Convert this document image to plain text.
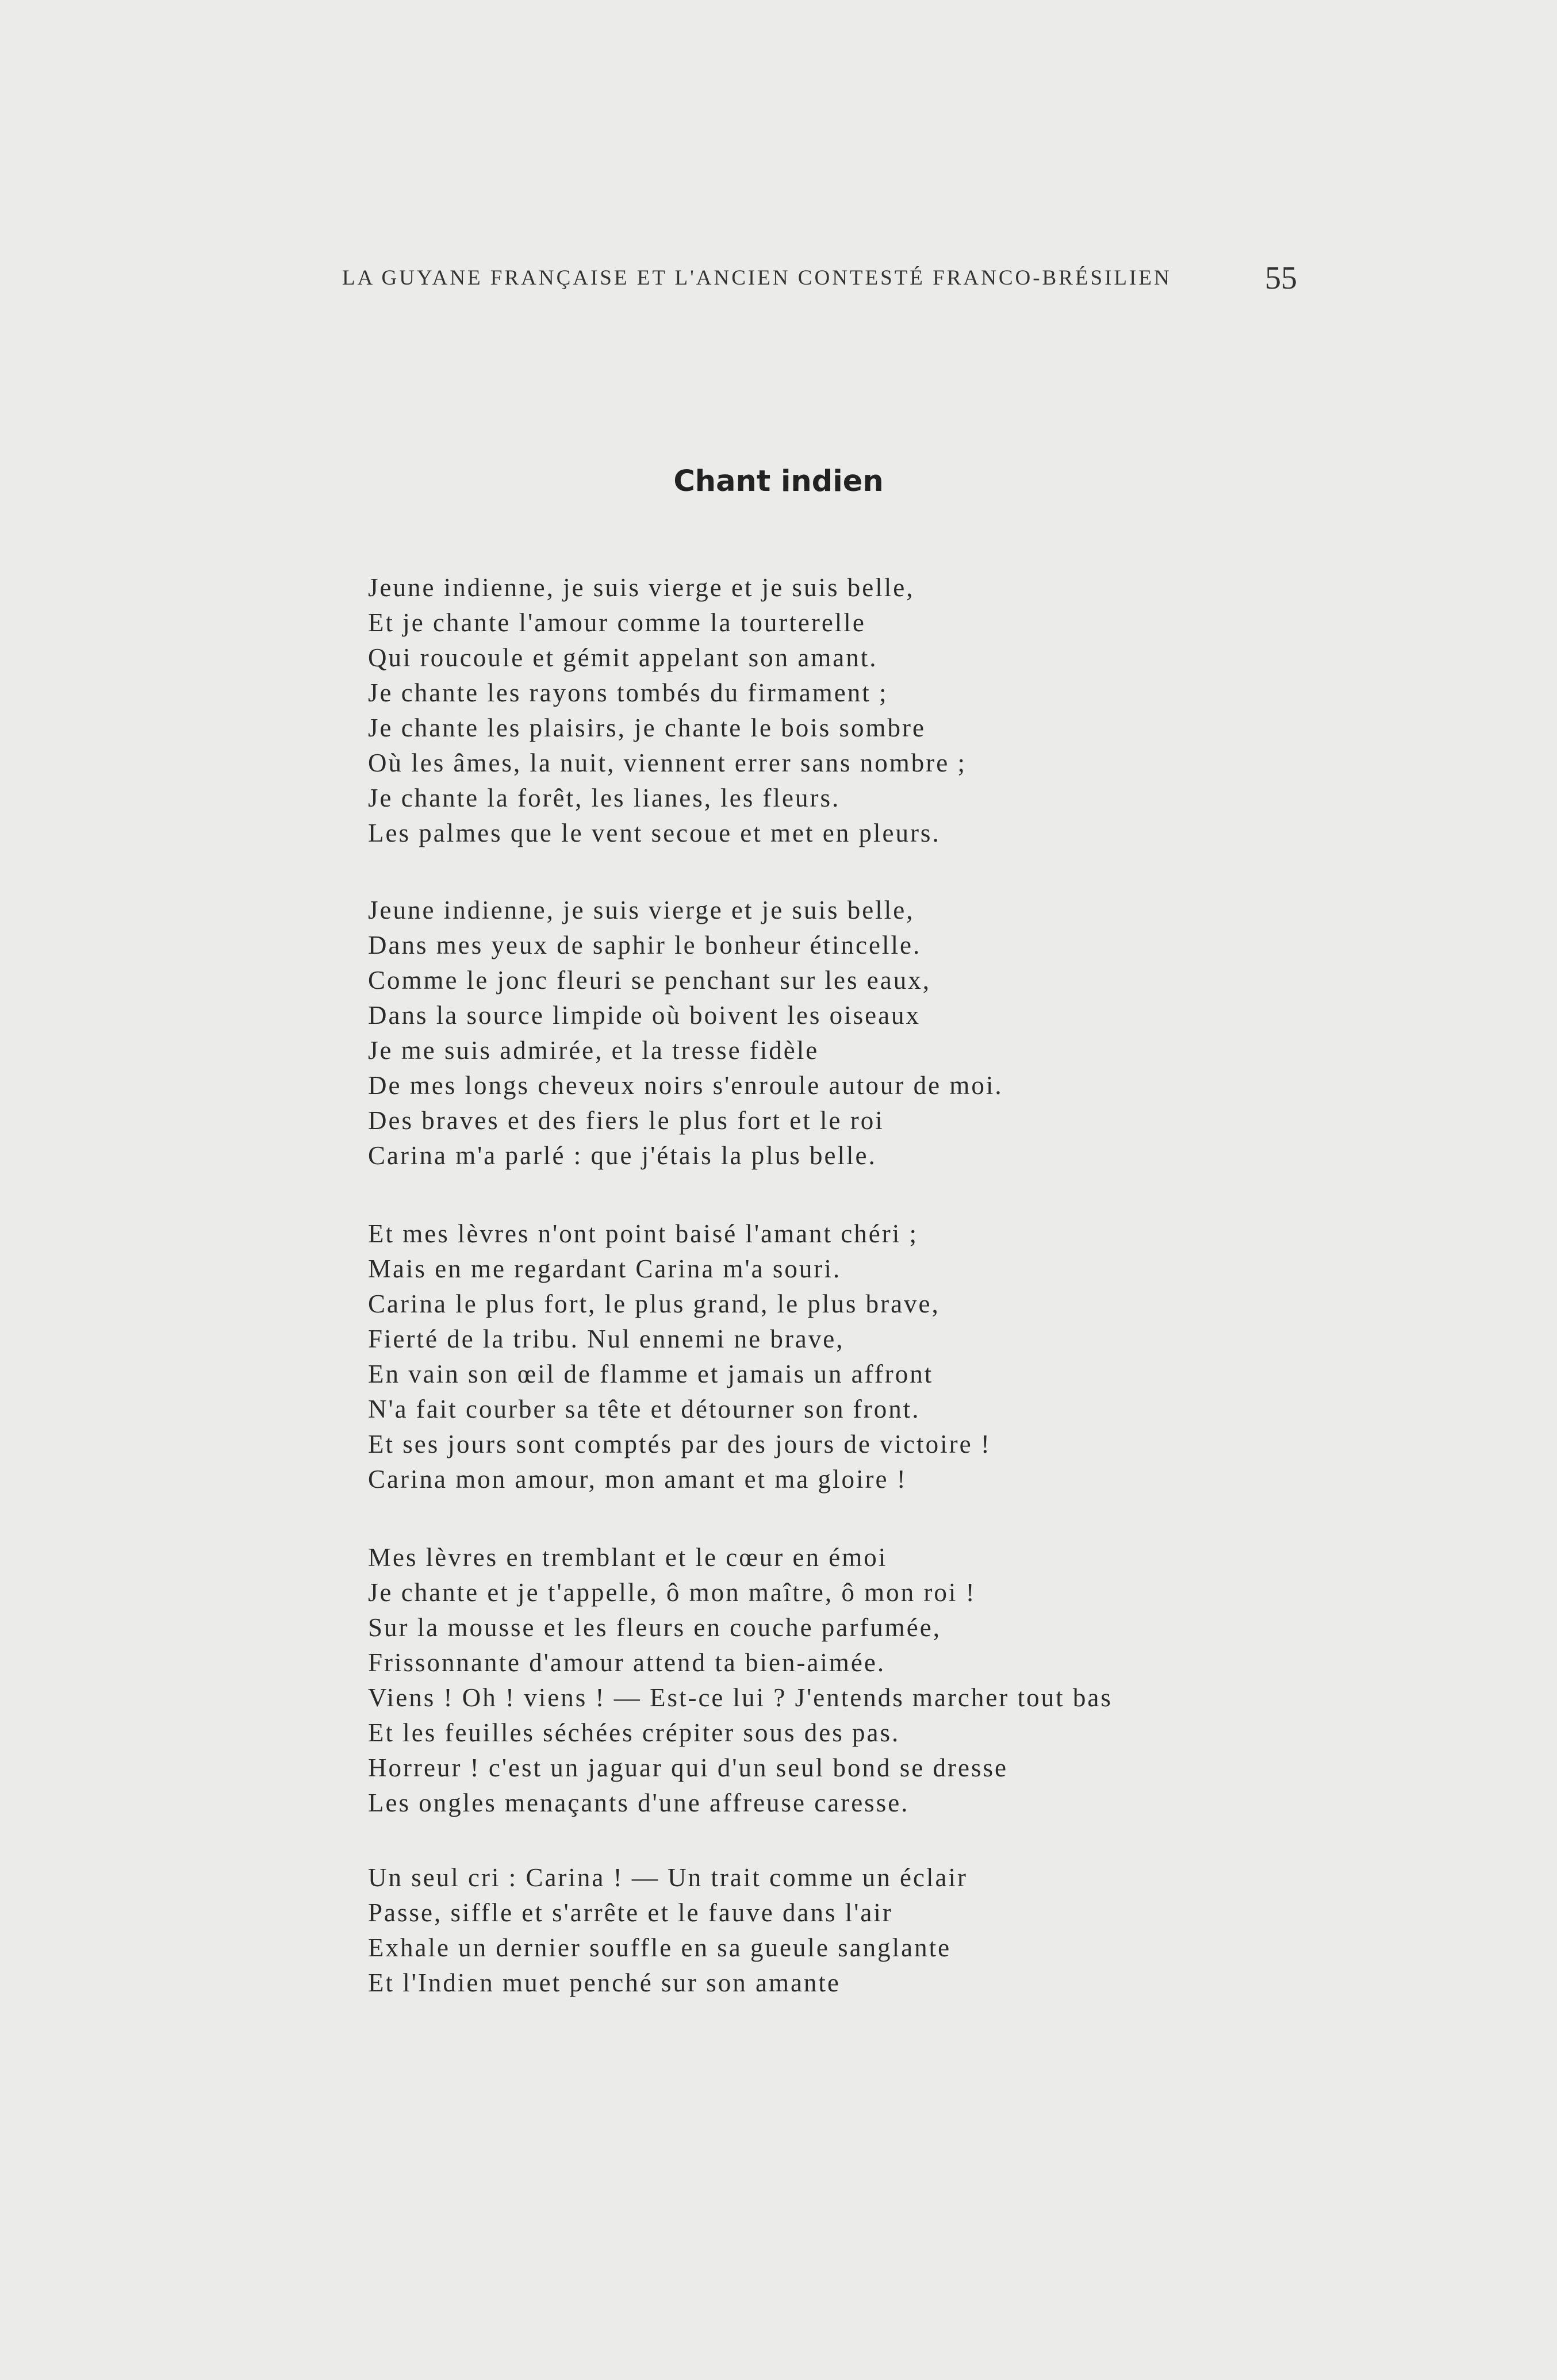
LA GUYANE FRANÇAISE ET L'ANCIEN CONTESTÉ FRANCO-BRÉSILIEN	55
Chant indien
Jeune indienne, je suis vierge et je suis belle,
Et je chante l'amour comme la tourterelle
Qui roucoule et gémit appelant son amant.
Je chante les rayons tombés du firmament ;
Je chante les plaisirs, je chante le bois sombre
Où les âmes, la nuit, viennent errer sans nombre ;
Je chante la forêt, les lianes, les fleurs.
Les palmes que le vent secoue et met en pleurs.
Jeune indienne, je suis vierge et je suis belle,
Dans mes yeux de saphir le bonheur étincelle.
Comme le jonc fleuri se penchant sur les eaux,
Dans la source limpide où boivent les oiseaux
Je me suis admirée, et la tresse fidèle
De mes longs cheveux noirs s'enroule autour de moi.
Des braves et des fiers le plus fort et le roi
Carina m'a parlé : que j'étais la plus belle.
Et mes lèvres n'ont point baisé l'amant chéri ;
Mais en me regardant Carina m'a souri.
Carina le plus fort, le plus grand, le plus brave,
Fierté de la tribu. Nul ennemi ne brave,
En vain son œil de flamme et jamais un affront
N'a fait courber sa tête et détourner son front.
Et ses jours sont comptés par des jours de victoire !
Carina mon amour, mon amant et ma gloire !
Mes lèvres en tremblant et le cœur en émoi
Je chante et je t'appelle, ô mon maître, ô mon roi !
Sur la mousse et les fleurs en couche parfumée,
Frissonnante d'amour attend ta bien-aimée.
Viens ! Oh ! viens ! — Est-ce lui ? J'entends marcher tout bas
Et les feuilles séchées crépiter sous des pas.
Horreur ! c'est un jaguar qui d'un seul bond se dresse
Les ongles menaçants d'une affreuse caresse.
Un seul cri : Carina ! — Un trait comme un éclair
Passe, siffle et s'arrête et le fauve dans l'air
Exhale un dernier souffle en sa gueule sanglante
Et l'Indien muet penché sur son amante
